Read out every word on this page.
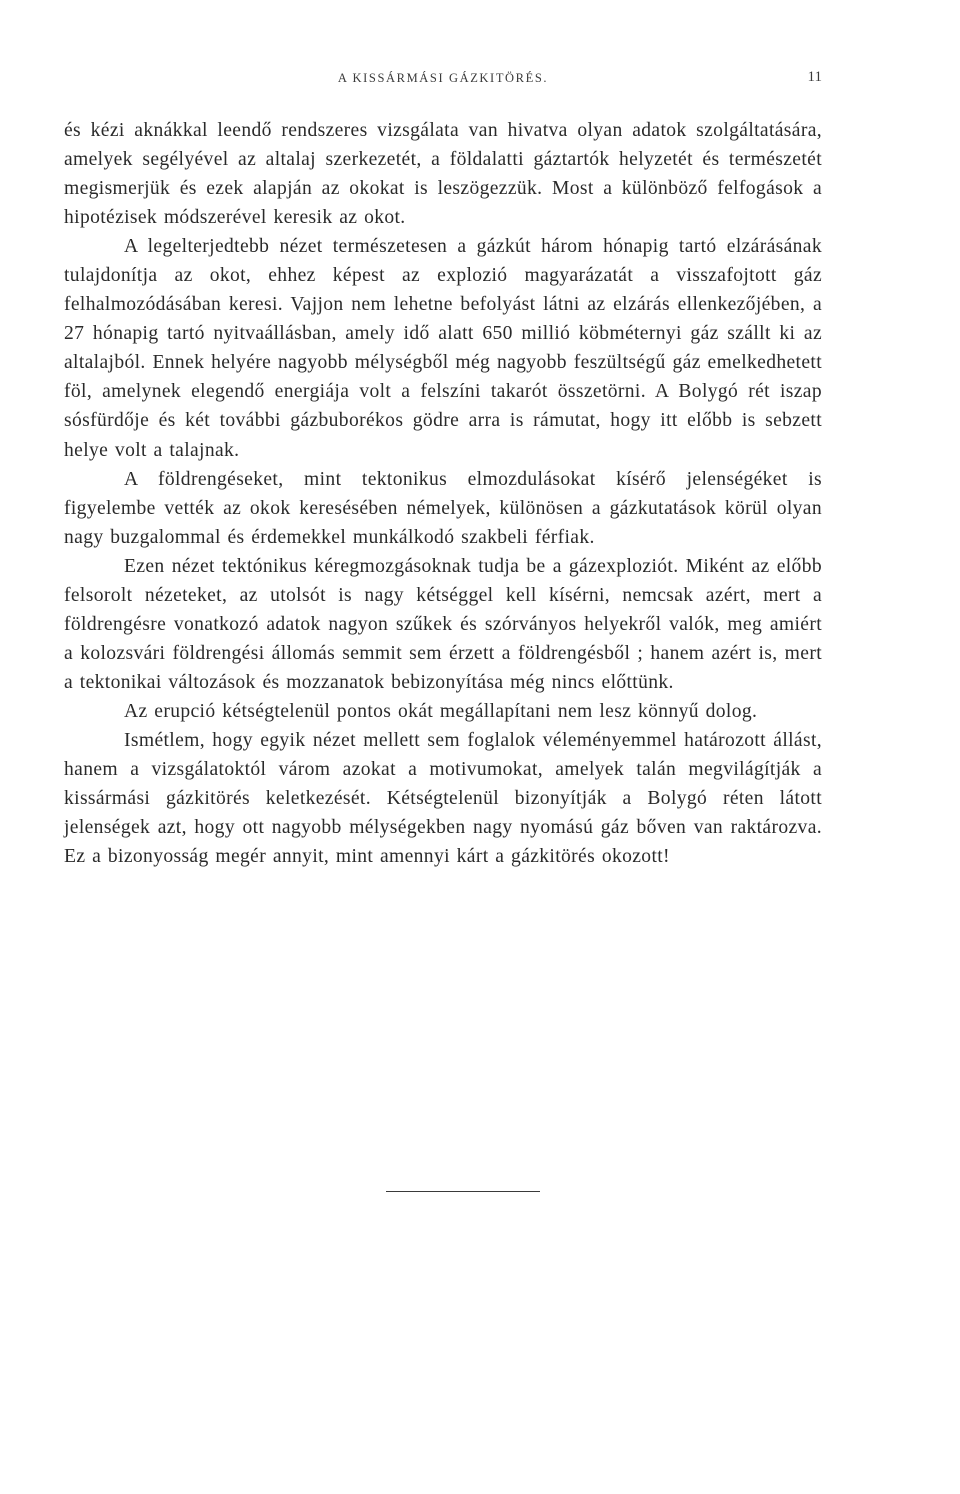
A KISSÁRMÁSI GÁZKITÖRÉS.	11

és kézi aknákkal leendő rendszeres vizsgálata van hivatva olyan adatok szolgáltatására, amelyek segélyével az altalaj szerkezetét, a földalatti gáztartók helyzetét és természetét megismerjük és ezek alapján az okokat is leszögezzük. Most a különböző felfogások a hipotézisek módszerével keresik az okot.

A legelterjedtebb nézet természetesen a gázkút három hónapig tartó elzárásának tulajdonítja az okot, ehhez képest az explozió magyarázatát a visszafojtott gáz felhalmozódásában keresi. Vajjon nem lehetne befolyást látni az elzárás ellenkezőjében, a 27 hónapig tartó nyitvaállásban, amely idő alatt 650 millió köbméternyi gáz szállt ki az altalajból. Ennek helyére nagyobb mélységből még nagyobb feszültségű gáz emelkedhetett föl, amelynek elegendő energiája volt a felszíni takarót összetörni. A Bolygó rét iszap sósfürdője és két további gázbuborékos gödre arra is rámutat, hogy itt előbb is sebzett helye volt a talajnak.

A földrengéseket, mint tektonikus elmozdulásokat kísérő jelenségéket is figyelembe vették az okok keresésében némelyek, különösen a gázkutatások körül olyan nagy buzgalommal és érdemekkel munkálkodó szakbeli férfiak.

Ezen nézet tektónikus kéregmozgásoknak tudja be a gázexploziót. Miként az előbb felsorolt nézeteket, az utolsót is nagy kétséggel kell kísérni, nemcsak azért, mert a földrengésre vonatkozó adatok nagyon szűkek és szórványos helyekről valók, meg amiért a kolozsvári földrengési állomás semmit sem érzett a földrengésből ; hanem azért is, mert a tektonikai változások és mozzanatok bebizonyítása még nincs előttünk.

Az erupció kétségtelenül pontos okát megállapítani nem lesz könnyű dolog.

Ismétlem, hogy egyik nézet mellett sem foglalok véleményemmel határozott állást, hanem a vizsgálatoktól várom azokat a motivumokat, amelyek talán megvilágítják a kissármási gázkitörés keletkezését. Kétségtelenül bizonyítják a Bolygó réten látott jelenségek azt, hogy ott nagyobb mélységekben nagy nyomású gáz bőven van raktározva. Ez a bizonyosság megér annyit, mint amennyi kárt a gázkitörés okozott!
